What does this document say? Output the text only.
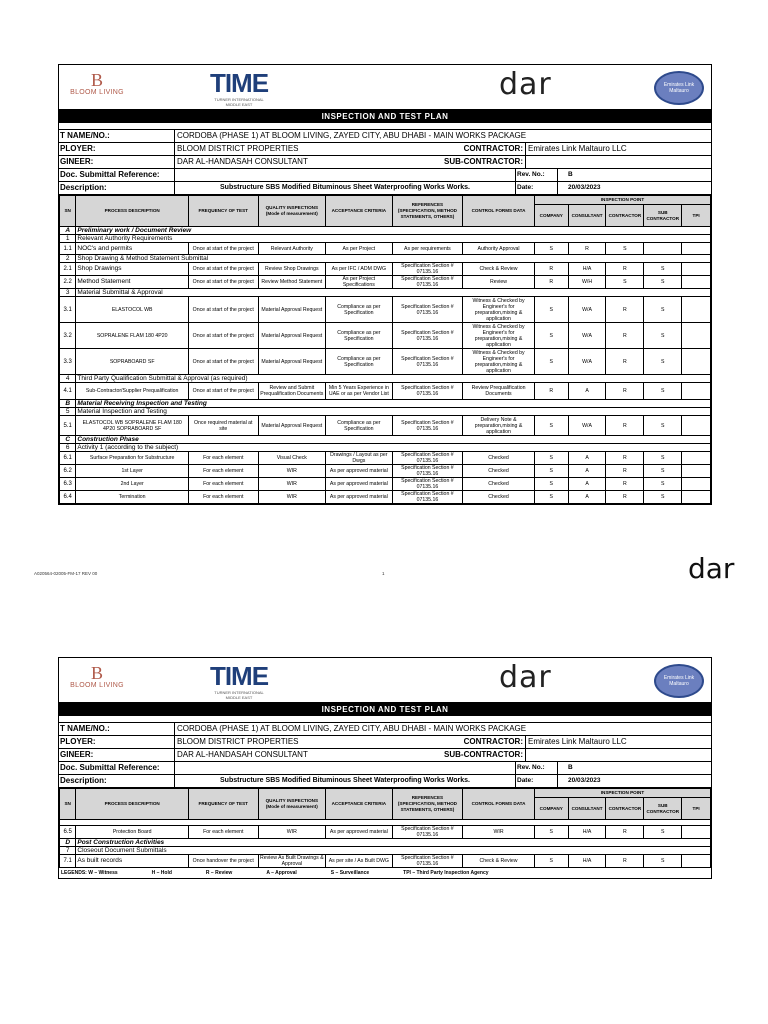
B
BLOOM LIVING	TIME
TURNER INTERNATIONAL MIDDLE EAST
dar	Emirates Link Maltauro
INSPECTION AND TEST PLAN
T NAME/NO.:	CORDOBA (PHASE 1) AT BLOOM LIVING, ZAYED CITY, ABU DHABI - MAIN WORKS PACKAGE
PLOYER:	BLOOM DISTRICT PROPERTIES	CONTRACTOR: Emirates Link Maltauro LLC
GINEER:	DAR AL-HANDASAH CONSULTANT	SUB-CONTRACTOR:
Doc. Submittal Reference:	Rev. No.:	B
Description:	Substructure SBS Modified Bituminous Sheet Waterproofing Works Works.	Date:	20/03/2023
SN	PROCESS DESCRIPTION	FREQUENCY OF TEST	QUALITY INSPECTIONS (Mode of measurement)	ACCEPTANCE CRITERIA	REFERENCES (SPECIFICATION, METHOD STATEMENTS, OTHERS)	CONTROL FORMS DATA	INSPECTION POINT				
							COMPANY	CONSULTANT	CONTRACTOR	SUB CONTRACTOR	TPI
A	Preliminary work / Document Review										
1	Relevant Authority Requirements										
1.1	NOC's and permits	Once at start of the project	Relevant Authority	As per Project	As per requirements	Authority Approval	S	R	S		
2	Shop Drawing & Method Statement Submittal										
2.1	Shop Drawings	Once at start of the project	Review Shop Drawings	As per IFC / ADM DWG	Specification Section # 07135.16	Check & Review	R	H/A	R	S	
2.2	Method Statement	Once at start of the project	Review Method Statement	As per Project Specifications	Specification Section # 07135.16	Review	R	W/H	S	S	
3	Material Submittal & Approval										
3.1	ELASTOCOL WB	Once at start of the project	Material Approval Request	Compliance as per Specification	Specification Section # 07135.16	Witness & Checked by Engineer's for preparation,mixing & application	S	W/A	R	S	
3.2	SOPRALENE FLAM 180 4P20	Once at start of the project	Material Approval Request	Compliance as per Specification	Specification Section # 07135.16	Witness & Checked by Engineer's for preparation,mixing & application	S	W/A	R	S	
3.3	SOPRABOARD SF	Once at start of the project	Material Approval Request	Compliance as per Specification	Specification Section # 07135.16	Witness & Checked by Engineer's for preparation,mixing & application	S	W/A	R	S	
4	Third Party Qualification Submittal & Approval (as required)										
4.1	Sub-Contractor/Supplier Prequalification	Once at start of the project	Review and Submit Prequalification Documents	Min 5 Years Experience in UAE or as per Vendor List	Specification Section # 07135.16	Review Prequalification Documents	R	A	R	S	
B	Material Receiving Inspection and Testing										
5	Material Inspection and Testing										
5.1	ELASTOCOL WB SOPRALENE FLAM 180 4P20 SOPRABOARD SF	Once required material at site	Material Approval Request	Compliance as per Specification	Specification Section # 07135.16	Delivery Note & preparation,mixing & application	S	W/A	R	S	
C	Construction Phase										
6	Activity 1 (according to the subject)										
6.1	Surface Preparation for Substructure	For each element	Visual Check	Drawings / Layout as per Dwgs	Specification Section # 07135.16	Checked	S	A	R	S	
6.2	1st Layer	For each element	WIR	As per approved material	Specification Section # 07135.16	Checked	S	A	R	S	
6.3	2nd Layer	For each element	WIR	As per approved material	Specification Section # 07135.16	Checked	S	A	R	S	
6.4	Termination	For each element	WIR	As per approved material	Specification Section # 07135.16	Checked	S	A	R	S	
A020564-02005-FM-17 REV 00	1	dar
B
BLOOM LIVING	TIME
TURNER INTERNATIONAL MIDDLE EAST
dar	Emirates Link Maltauro
INSPECTION AND TEST PLAN
T NAME/NO.:	CORDOBA (PHASE 1) AT BLOOM LIVING, ZAYED CITY, ABU DHABI - MAIN WORKS PACKAGE
PLOYER:	BLOOM DISTRICT PROPERTIES	CONTRACTOR: Emirates Link Maltauro LLC
GINEER:	DAR AL-HANDASAH CONSULTANT	SUB-CONTRACTOR:
Doc. Submittal Reference:	Rev. No.:	B
Description:	Substructure SBS Modified Bituminous Sheet Waterproofing Works Works.	Date:	20/03/2023
SN	PROCESS DESCRIPTION	FREQUENCY OF TEST	QUALITY INSPECTIONS (Mode of measurement)	ACCEPTANCE CRITERIA	REFERENCES (SPECIFICATION, METHOD STATEMENTS, OTHERS)	CONTROL FORMS DATA	INSPECTION POINT				
							COMPANY	CONSULTANT	CONTRACTOR	SUB CONTRACTOR	TPI

6.5	Protection Board	For each element	WIR	As per approved material	Specification Section # 07135.16	WIR	S	H/A	R	S	
D	Post Construction Activities										
7	Closeout Document Submittals										
7.1	As built records	Once handover the project	Review As Built Drawings & Approval	As per site / As Built DWG	Specification Section # 07135.16	Check & Review	S	H/A	R	S	
LEGENDS: W – Witness	H – Hold	R – Review	A – Approval	S – Surveillance	TPI – Third Party Inspection Agency
